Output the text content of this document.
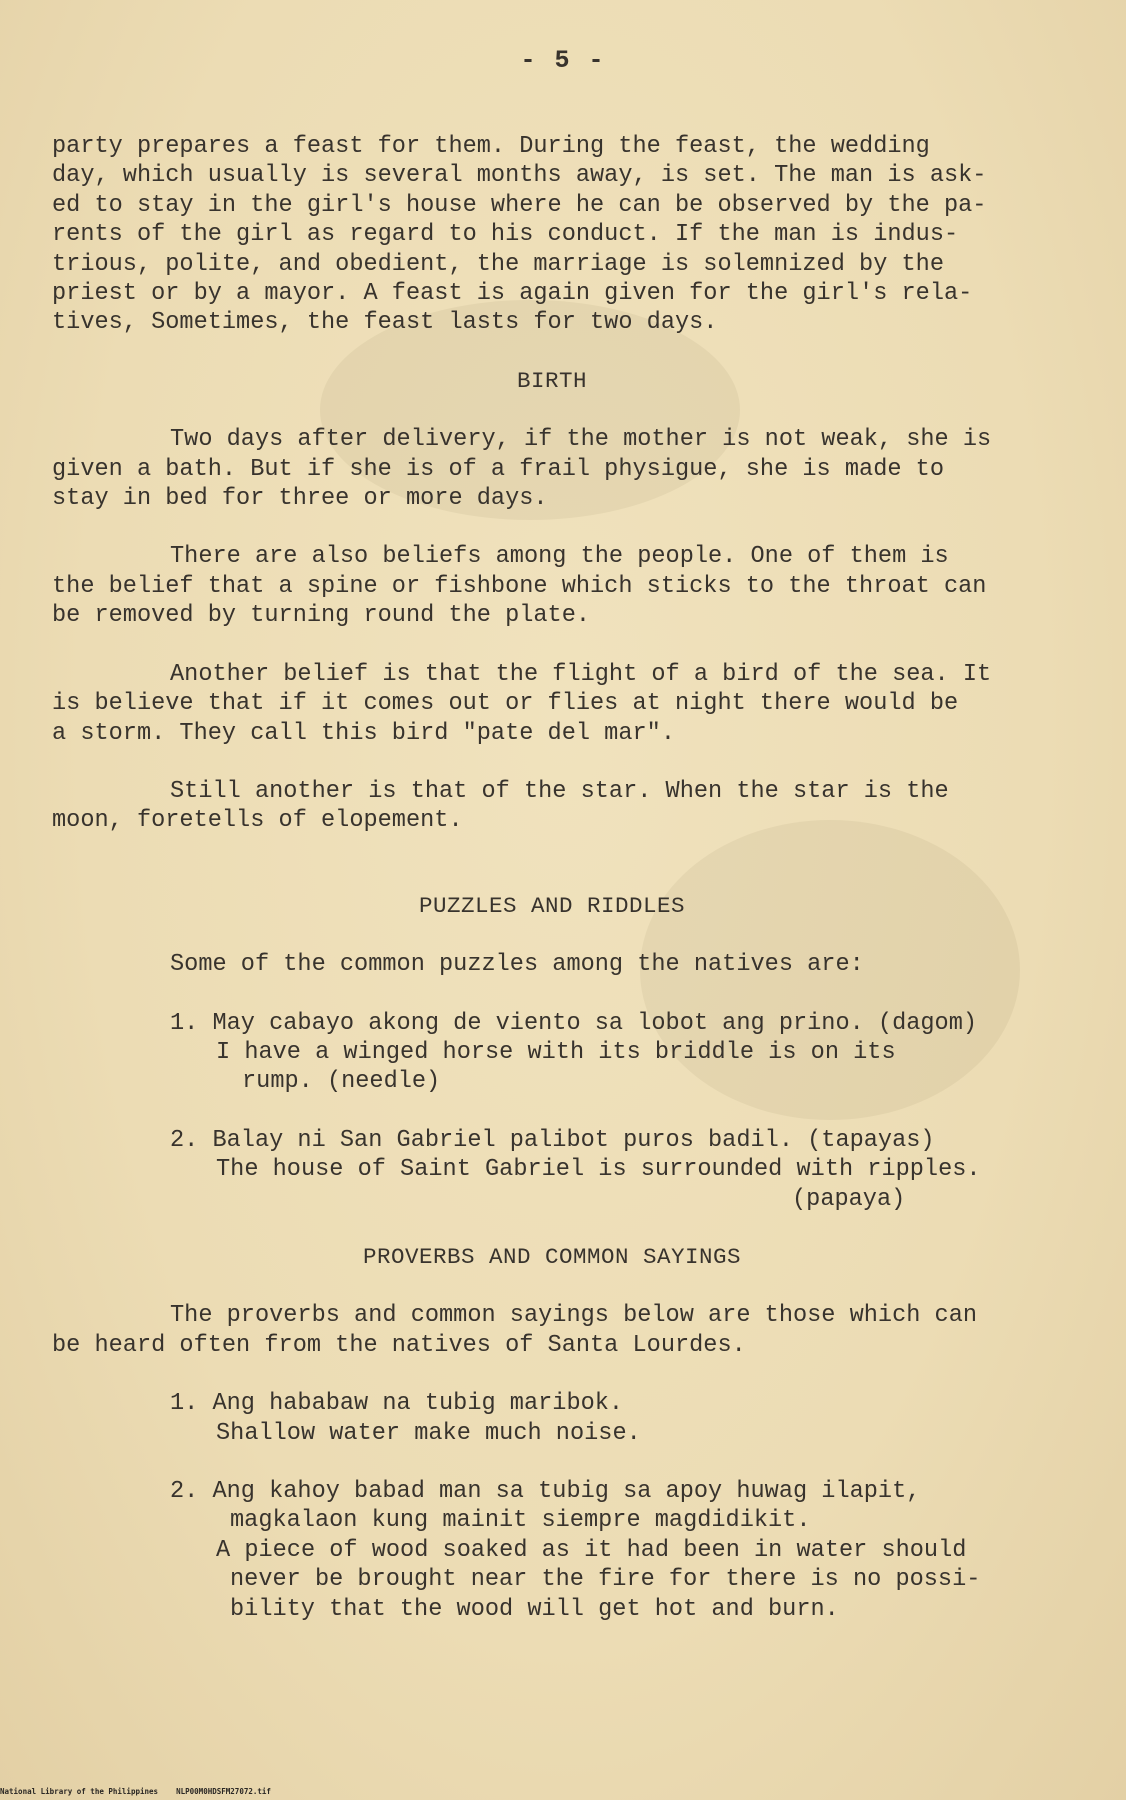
- 5 -
party prepares a feast for them. During the feast, the wedding
day, which usually is several months away, is set. The man is ask-
ed to stay in the girl's house where he can be observed by the pa-
rents of the girl as regard to his conduct. If the man is indus-
trious, polite, and obedient, the marriage is solemnized by the
priest or by a mayor. A feast is again given for the girl's rela-
tives, Sometimes, the feast lasts for two days.
BIRTH
Two days after delivery, if the mother is not weak, she is
given a bath. But if she is of a frail physigue, she is made to
stay in bed for three or more days.
There are also beliefs among the people. One of them is
the belief that a spine or fishbone which sticks to the throat can
be removed by turning round the plate.
Another belief is that the flight of a bird of the sea. It
is believe that if it comes out or flies at night there would be
a storm. They call this bird "pate del mar".
Still another is that of the star. When the star is the
moon, foretells of elopement.
PUZZLES AND RIDDLES
Some of the common puzzles among the natives are:
1. May cabayo akong de viento sa lobot ang prino. (dagom)
I have a winged horse with its briddle is on its
rump. (needle)
2. Balay ni San Gabriel palibot puros badil. (tapayas)
The house of Saint Gabriel is surrounded with ripples.
(papaya)
PROVERBS AND COMMON SAYINGS
The proverbs and common sayings below are those which can
be heard often from the natives of Santa Lourdes.
1. Ang hababaw na tubig maribok.
Shallow water make much noise.
2. Ang kahoy babad man sa tubig sa apoy huwag ilapit,
magkalaon kung mainit siempre magdidikit.
A piece of wood soaked as it had been in water should
never be brought near the fire for there is no possi-
bility that the wood will get hot and burn.
National Library of the Philippines NLP00M0HDSFM27072.tif
